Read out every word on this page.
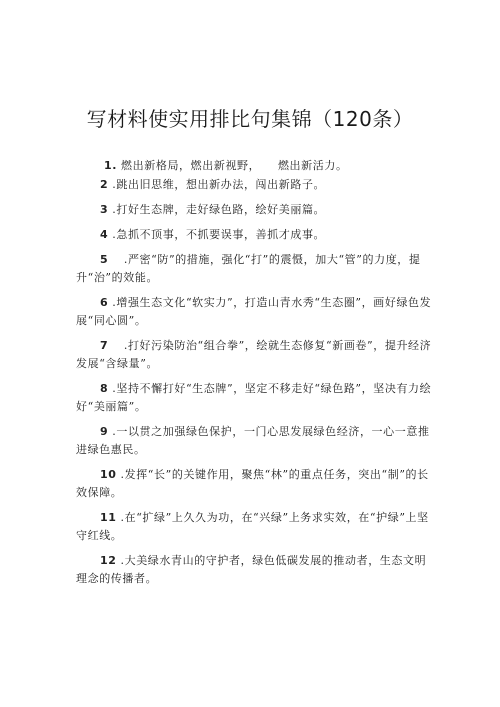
写材料使实用排比句集锦（120条）

1. 燃出新格局，燃出新视野，　　燃出新活力。

2 .跳出旧思维，想出新办法，闯出新路子。

3 .打好生态牌，走好绿色路，绘好美丽篇。

4 .急抓不顶事，不抓要误事，善抓才成事。

5　.严密“防”的措施，强化“打”的震慑，加大“管”的力度，提升“治”的效能。

6 .增强生态文化“软实力”，打造山青水秀“生态圈”，画好绿色发展“同心圆”。

7　.打好污染防治“组合拳”，绘就生态修复“新画卷”，提升经济发展“含绿量”。

8 .坚持不懈打好“生态牌”，坚定不移走好“绿色路”，坚决有力绘好“美丽篇”。

9 .一以贯之加强绿色保护，一门心思发展绿色经济，一心一意推进绿色惠民。

10 .发挥“长”的关键作用，聚焦“林”的重点任务，突出“制”的长效保障。

11 .在“扩绿”上久久为功，在“兴绿”上务求实效，在“护绿”上坚守红线。

12 .大美绿水青山的守护者，绿色低碳发展的推动者，生态文明理念的传播者。
